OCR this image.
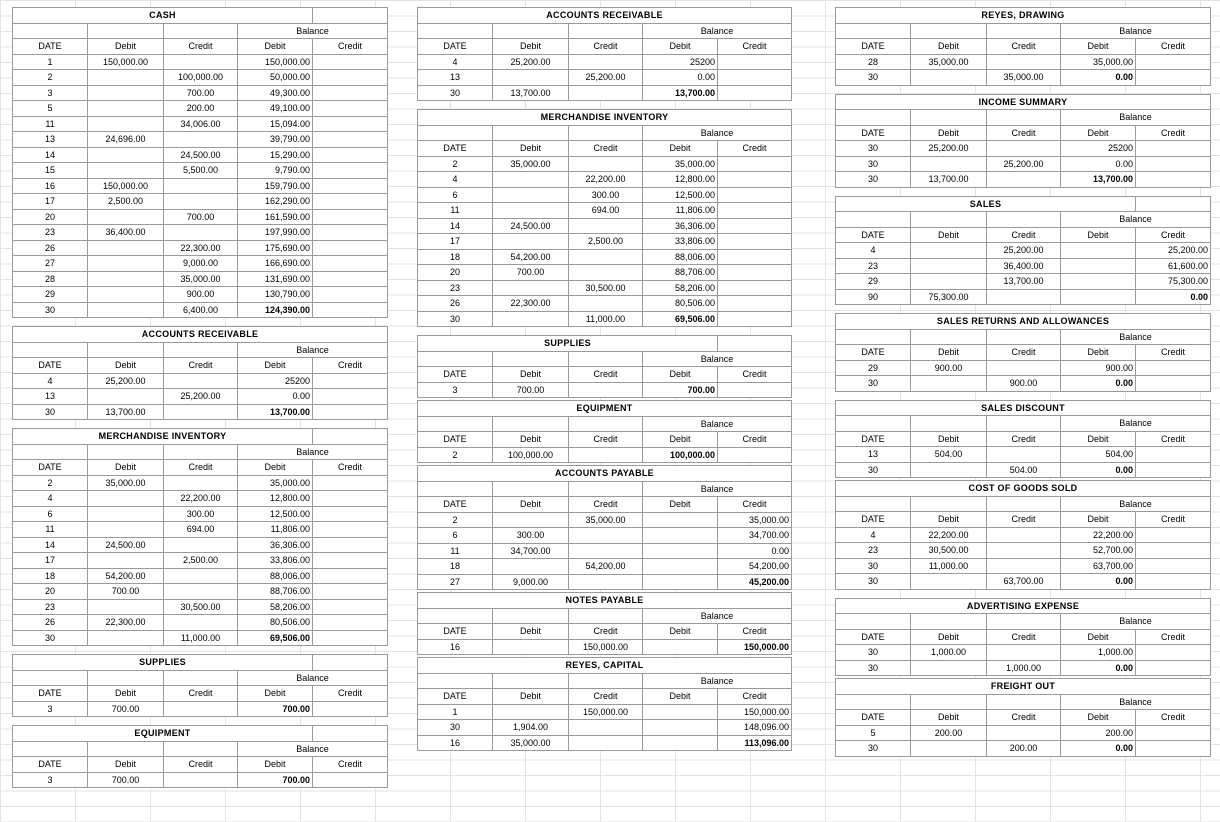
CASH				
			Balance	
DATE	Debit	Credit	Debit	Credit
1	150,000.00		150,000.00	
2		100,000.00	50,000.00	
3		700.00	49,300.00	
5		200.00	49,100.00	
11		34,006.00	15,094.00	
13	24,696.00		39,790.00	
14		24,500.00	15,290.00	
15		5,500.00	9,790.00	
16	150,000.00		159,790.00	
17	2,500.00		162,290.00	
20		700.00	161,590.00	
23	36,400.00		197,990.00	
26		22,300.00	175,690.00	
27		9,000.00	166,690.00	
28		35,000.00	131,690.00	
29		900.00	130,790.00	
30		6,400.00	124,390.00	
ACCOUNTS RECEIVABLE				
			Balance	
DATE	Debit	Credit	Debit	Credit
4	25,200.00		25200	
13		25,200.00	0.00	
30	13,700.00		13,700.00	
MERCHANDISE INVENTORY				
			Balance	
DATE	Debit	Credit	Debit	Credit
2	35,000.00		35,000.00	
4		22,200.00	12,800.00	
6		300.00	12,500.00	
11		694.00	11,806.00	
14	24,500.00		36,306.00	
17		2,500.00	33,806.00	
18	54,200.00		88,006.00	
20	700.00		88,706.00	
23		30,500.00	58,206.00	
26	22,300.00		80,506.00	
30		11,000.00	69,506.00	
SUPPLIES				
			Balance	
DATE	Debit	Credit	Debit	Credit
3	700.00		700.00	
EQUIPMENT				
			Balance	
DATE	Debit	Credit	Debit	Credit
3	700.00		700.00	
ACCOUNTS RECEIVABLE				
			Balance	
DATE	Debit	Credit	Debit	Credit
4	25,200.00		25200	
13		25,200.00	0.00	
30	13,700.00		13,700.00	
MERCHANDISE INVENTORY				
			Balance	
DATE	Debit	Credit	Debit	Credit
2	35,000.00		35,000.00	
4		22,200.00	12,800.00	
6		300.00	12,500.00	
11		694.00	11,806.00	
14	24,500.00		36,306.00	
17		2,500.00	33,806.00	
18	54,200.00		88,006.00	
20	700.00		88,706.00	
23		30,500.00	58,206.00	
26	22,300.00		80,506.00	
30		11,000.00	69,506.00	
SUPPLIES				
			Balance	
DATE	Debit	Credit	Debit	Credit
3	700.00		700.00	
EQUIPMENT				
			Balance	
DATE	Debit	Credit	Debit	Credit
2	100,000.00		100,000.00	
ACCOUNTS PAYABLE				
			Balance	
DATE	Debit	Credit	Debit	Credit
2		35,000.00		35,000.00
6	300.00			34,700.00
11	34,700.00			0.00
18		54,200.00		54,200.00
27	9,000.00			45,200.00
NOTES PAYABLE				
			Balance	
DATE	Debit	Credit	Debit	Credit
16		150,000.00		150,000.00
REYES, CAPITAL				
			Balance	
DATE	Debit	Credit	Debit	Credit
1		150,000.00		150,000.00
30	1,904.00			148,096.00
16	35,000.00			113,096.00
REYES, DRAWING				
			Balance	
DATE	Debit	Credit	Debit	Credit
28	35,000.00		35,000.00	
30		35,000.00	0.00	
INCOME SUMMARY				
			Balance	
DATE	Debit	Credit	Debit	Credit
30	25,200.00		25200	
30		25,200.00	0.00	
30	13,700.00		13,700.00	
SALES				
			Balance	
DATE	Debit	Credit	Debit	Credit
4		25,200.00		25,200.00
23		36,400.00		61,600.00
29		13,700.00		75,300.00
90	75,300.00			0.00
SALES RETURNS AND ALLOWANCES				
			Balance	
DATE	Debit	Credit	Debit	Credit
29	900.00		900.00	
30		900.00	0.00	
SALES DISCOUNT				
			Balance	
DATE	Debit	Credit	Debit	Credit
13	504.00		504.00	
30		504.00	0.00	
COST OF GOODS SOLD				
			Balance	
DATE	Debit	Credit	Debit	Credit
4	22,200.00		22,200.00	
23	30,500.00		52,700.00	
30	11,000.00		63,700.00	
30		63,700.00	0.00	
ADVERTISING EXPENSE				
			Balance	
DATE	Debit	Credit	Debit	Credit
30	1,000.00		1,000.00	
30		1,000.00	0.00	
FREIGHT OUT				
			Balance	
DATE	Debit	Credit	Debit	Credit
5	200.00		200.00	
30		200.00	0.00	
